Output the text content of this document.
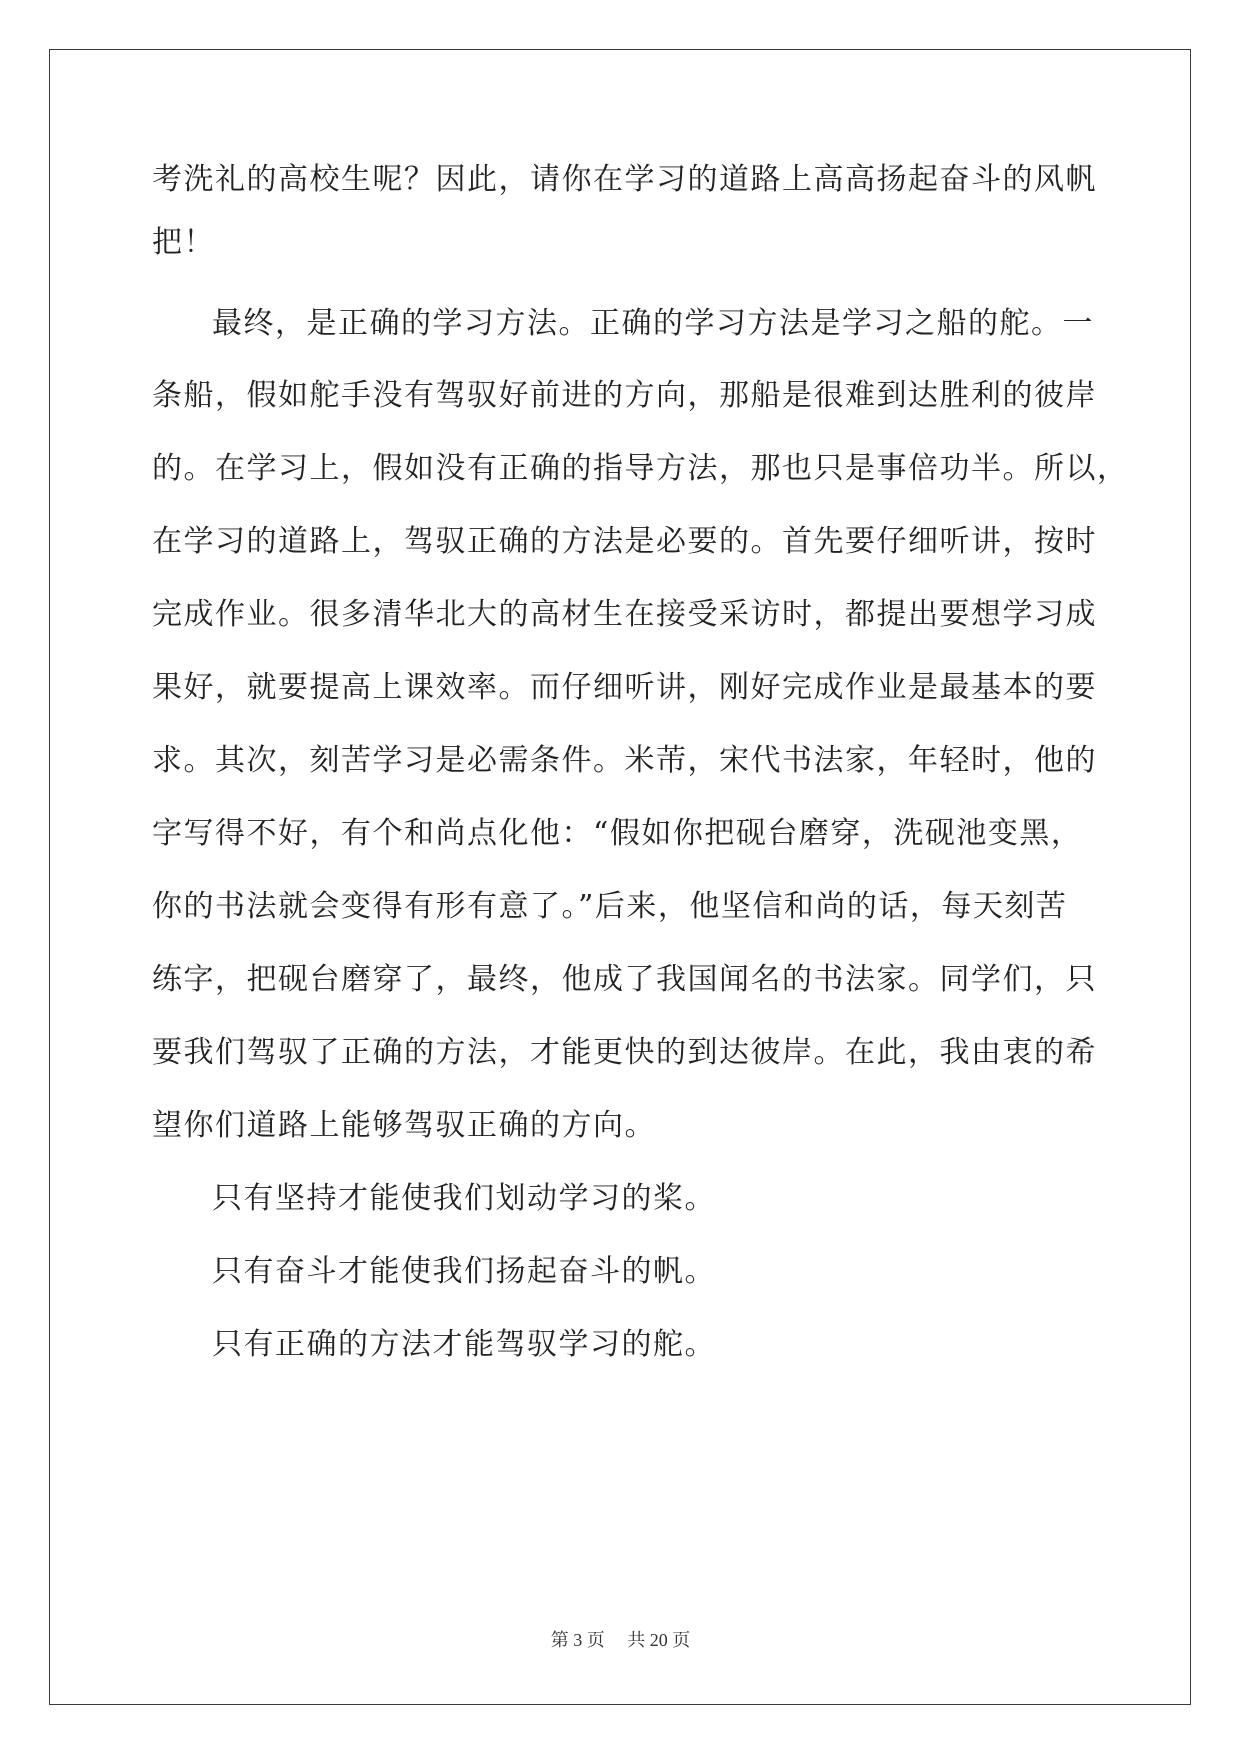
考洗礼的高校生呢？因此，请你在学习的道路上高高扬起奋斗的风帆
把！
最终，是正确的学习方法。正确的学习方法是学习之船的舵。一
条船，假如舵手没有驾驭好前进的方向，那船是很难到达胜利的彼岸
的。在学习上，假如没有正确的指导方法，那也只是事倍功半。所以，
在学习的道路上，驾驭正确的方法是必要的。首先要仔细听讲，按时
完成作业。很多清华北大的高材生在接受采访时，都提出要想学习成
果好，就要提高上课效率。而仔细听讲，刚好完成作业是最基本的要
求。其次，刻苦学习是必需条件。米芾，宋代书法家，年轻时，他的
字写得不好，有个和尚点化他：“假如你把砚台磨穿，洗砚池变黑，
你的书法就会变得有形有意了。”后来，他坚信和尚的话，每天刻苦
练字，把砚台磨穿了，最终，他成了我国闻名的书法家。同学们，只
要我们驾驭了正确的方法，才能更快的到达彼岸。在此，我由衷的希
望你们道路上能够驾驭正确的方向。
只有坚持才能使我们划动学习的桨。
只有奋斗才能使我们扬起奋斗的帆。
只有正确的方法才能驾驭学习的舵。
第 3 页　 共 20 页
